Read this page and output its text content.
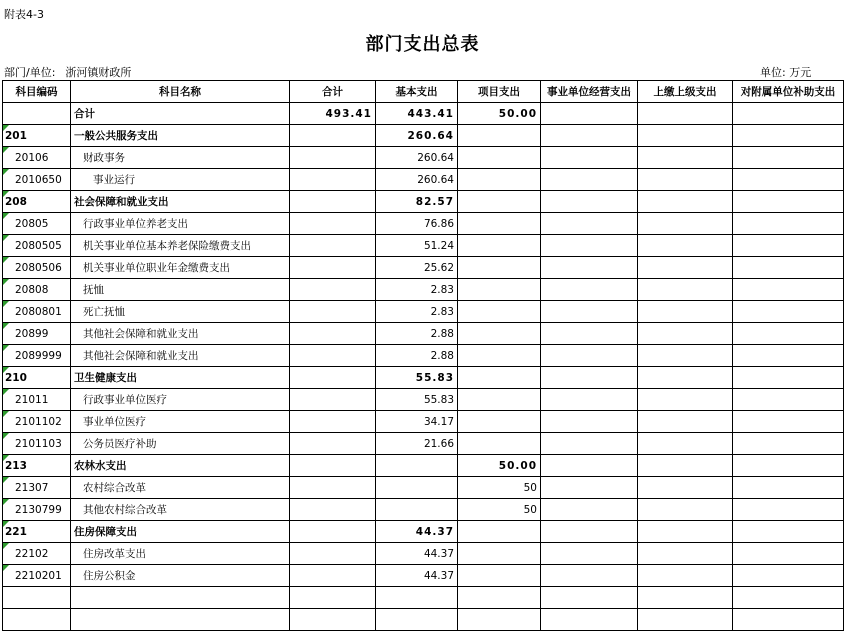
附表4-3
部门支出总表
部门/单位: 浙河镇财政所	单位: 万元
科目编码	科目名称	合计	基本支出	项目支出	事业单位经营支出	上缴上级支出	对附属单位补助支出
	合计	493.41	443.41	50.00			
201	一般公共服务支出		260.64				
20106	财政事务		260.64				
2010650	事业运行		260.64				
208	社会保障和就业支出		82.57				
20805	行政事业单位养老支出		76.86				
2080505	机关事业单位基本养老保险缴费支出		51.24				
2080506	机关事业单位职业年金缴费支出		25.62				
20808	抚恤		2.83				
2080801	死亡抚恤		2.83				
20899	其他社会保障和就业支出		2.88				
2089999	其他社会保障和就业支出		2.88				
210	卫生健康支出		55.83				
21011	行政事业单位医疗		55.83				
2101102	事业单位医疗		34.17				
2101103	公务员医疗补助		21.66				
213	农林水支出			50.00			
21307	农村综合改革			50			
2130799	其他农村综合改革			50			
221	住房保障支出		44.37				
22102	住房改革支出		44.37				
2210201	住房公积金		44.37				
